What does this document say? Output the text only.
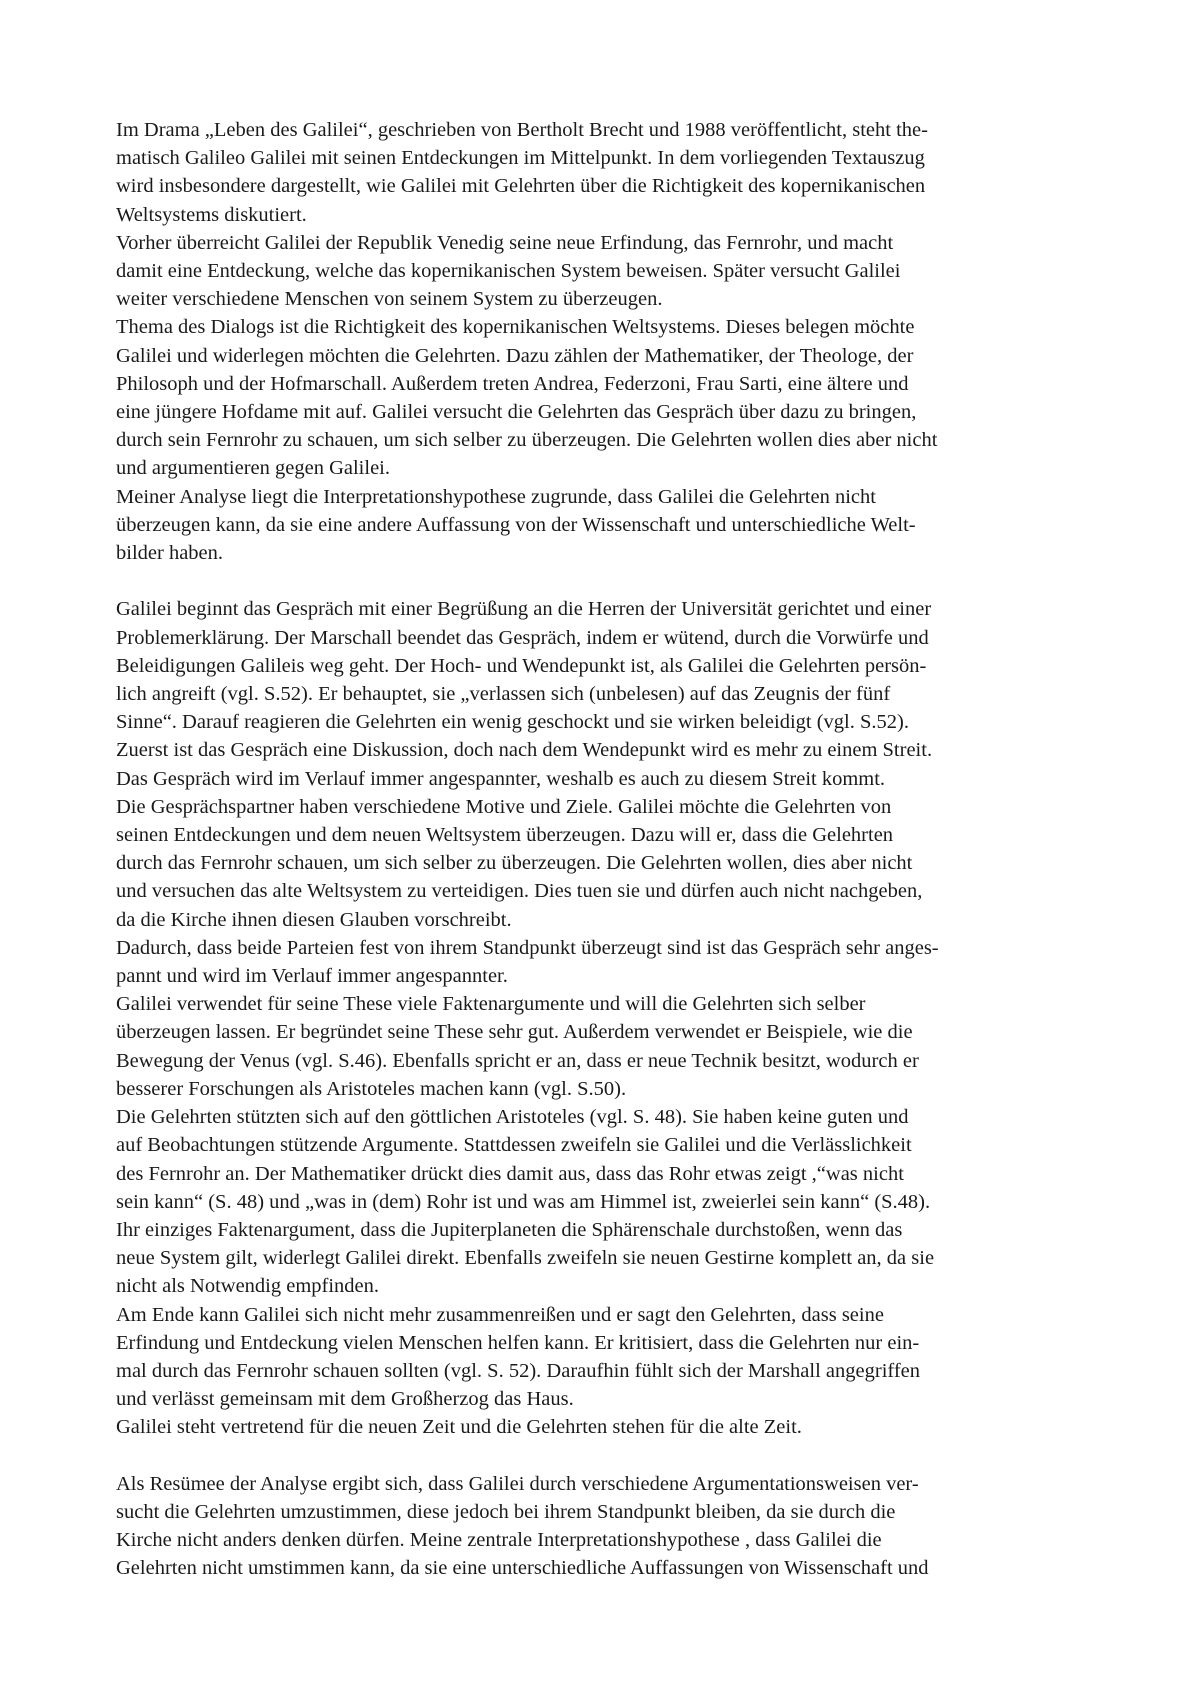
Im Drama „Leben des Galilei“, geschrieben von Bertholt Brecht und 1988 veröffentlicht, steht the-
matisch Galileo Galilei mit seinen Entdeckungen im Mittelpunkt. In dem vorliegenden Textauszug
wird insbesondere dargestellt, wie Galilei mit Gelehrten über die Richtigkeit des kopernikanischen
Weltsystems diskutiert.
Vorher überreicht Galilei der Republik Venedig seine neue Erfindung, das Fernrohr, und macht
damit eine Entdeckung, welche das kopernikanischen System beweisen. Später versucht Galilei
weiter verschiedene Menschen von seinem System zu überzeugen.
Thema des Dialogs ist die Richtigkeit des kopernikanischen Weltsystems. Dieses belegen möchte
Galilei und widerlegen möchten die Gelehrten. Dazu zählen der Mathematiker, der Theologe, der
Philosoph und der Hofmarschall. Außerdem treten Andrea, Federzoni, Frau Sarti, eine ältere und
eine jüngere Hofdame mit auf. Galilei versucht die Gelehrten das Gespräch über dazu zu bringen,
durch sein Fernrohr zu schauen, um sich selber zu überzeugen. Die Gelehrten wollen dies aber nicht
und argumentieren gegen Galilei.
Meiner Analyse liegt die Interpretationshypothese zugrunde, dass Galilei die Gelehrten nicht
überzeugen kann, da sie eine andere Auffassung von der Wissenschaft und unterschiedliche Welt-
bilder haben.
Galilei beginnt das Gespräch mit einer Begrüßung an die Herren der Universität gerichtet und einer
Problemerklärung. Der Marschall beendet das Gespräch, indem er wütend, durch die Vorwürfe und
Beleidigungen Galileis weg geht. Der Hoch- und Wendepunkt ist, als Galilei die Gelehrten persön-
lich angreift (vgl. S.52). Er behauptet, sie „verlassen sich (unbelesen) auf das Zeugnis der fünf
Sinne“. Darauf reagieren die Gelehrten ein wenig geschockt und sie wirken beleidigt (vgl. S.52).
Zuerst ist das Gespräch eine Diskussion, doch nach dem Wendepunkt wird es mehr zu einem Streit.
Das Gespräch wird im Verlauf immer angespannter, weshalb es auch zu diesem Streit kommt.
Die Gesprächspartner haben verschiedene Motive und Ziele. Galilei möchte die Gelehrten von
seinen Entdeckungen und dem neuen Weltsystem überzeugen. Dazu will er, dass die Gelehrten
durch das Fernrohr schauen, um sich selber zu überzeugen. Die Gelehrten wollen, dies aber nicht
und versuchen das alte Weltsystem zu verteidigen. Dies tuen sie und dürfen auch nicht nachgeben,
da die Kirche ihnen diesen Glauben vorschreibt.
Dadurch, dass beide Parteien fest von ihrem Standpunkt überzeugt sind ist das Gespräch sehr anges-
pannt und wird im Verlauf immer angespannter.
Galilei verwendet für seine These viele Faktenargumente und will die Gelehrten sich selber
überzeugen lassen. Er begründet seine These sehr gut. Außerdem verwendet er Beispiele, wie die
Bewegung der Venus (vgl. S.46). Ebenfalls spricht er an, dass er neue Technik besitzt, wodurch er
besserer Forschungen als Aristoteles machen kann (vgl. S.50).
Die Gelehrten stützten sich auf den göttlichen Aristoteles (vgl. S. 48). Sie haben keine guten und
auf Beobachtungen stützende Argumente. Stattdessen zweifeln sie Galilei und die Verlässlichkeit
des Fernrohr an. Der Mathematiker drückt dies damit aus, dass das Rohr etwas zeigt ,“was nicht
sein kann“ (S. 48) und „was in (dem) Rohr ist und was am Himmel ist, zweierlei sein kann“ (S.48).
Ihr einziges Faktenargument, dass die Jupiterplaneten die Sphärenschale durchstoßen, wenn das
neue System gilt, widerlegt Galilei direkt. Ebenfalls zweifeln sie neuen Gestirne komplett an, da sie
nicht als Notwendig empfinden.
Am Ende kann Galilei sich nicht mehr zusammenreißen und er sagt den Gelehrten, dass seine
Erfindung und Entdeckung vielen Menschen helfen kann. Er kritisiert, dass die Gelehrten nur ein-
mal durch das Fernrohr schauen sollten (vgl. S. 52). Daraufhin fühlt sich der Marshall angegriffen
und verlässt gemeinsam mit dem Großherzog das Haus.
Galilei steht vertretend für die neuen Zeit und die Gelehrten stehen für die alte Zeit.
Als Resümee der Analyse ergibt sich, dass Galilei durch verschiedene Argumentationsweisen ver-
sucht die Gelehrten umzustimmen, diese jedoch bei ihrem Standpunkt bleiben, da sie durch die
Kirche nicht anders denken dürfen. Meine zentrale Interpretationshypothese , dass Galilei die
Gelehrten nicht umstimmen kann, da sie eine unterschiedliche Auffassungen von Wissenschaft und
